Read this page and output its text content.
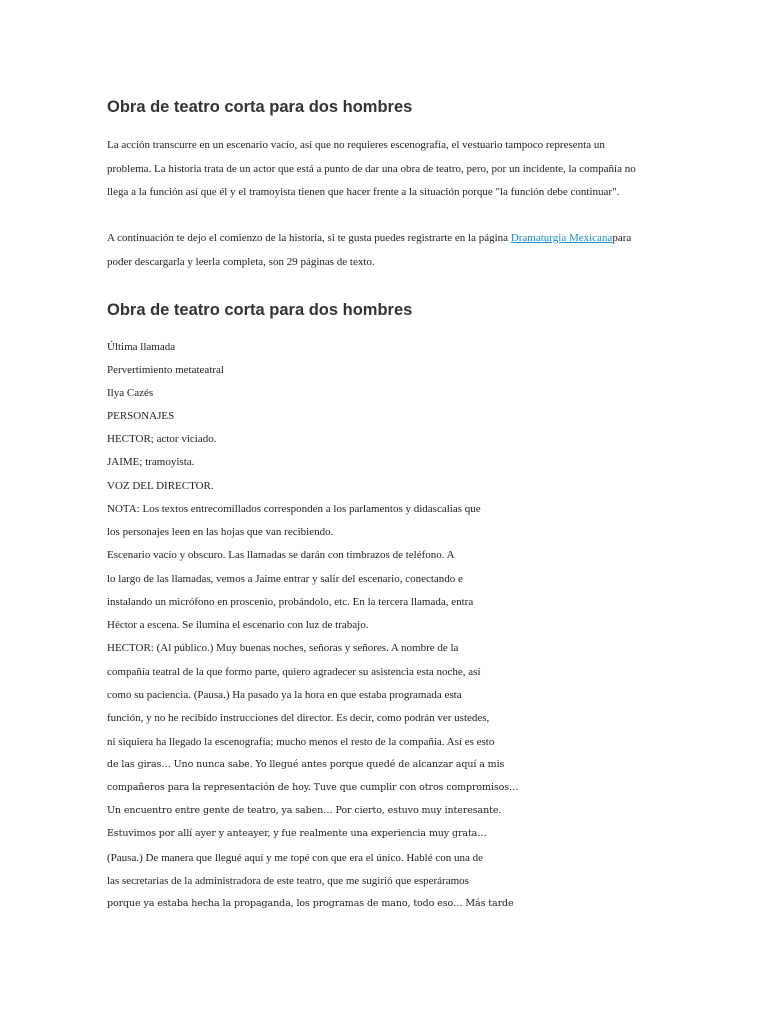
Obra de teatro corta para dos hombres

La acción transcurre en un escenario vacío, así que no requieres escenografía, el vestuario tampoco representa un

problema. La historia trata de un actor que está a punto de dar una obra de teatro, pero, por un incidente, la compañía no

llega a la función así que él y el tramoyista tienen que hacer frente a la situación porque "la función debe continuar".

A continuación te dejo el comienzo de la historia, si te gusta puedes registrarte en la página Dramaturgia Mexicanapara

poder descargarla y leerla completa, son 29 páginas de texto.

Obra de teatro corta para dos hombres

Última llamada

Pervertimiento metateatral

Ilya Cazés

PERSONAJES

HECTOR; actor viciado.

JAIME; tramoyista.

VOZ DEL DIRECTOR.

NOTA: Los textos entrecomillados corresponden a los parlamentos y didascalias que

los personajes leen en las hojas que van recibiendo.

Escenario vacío y obscuro. Las llamadas se darán con timbrazos de teléfono. A

lo largo de las llamadas, vemos a Jaime entrar y salir del escenario, conectando e

instalando un micrófono en proscenio, probándolo, etc. En la tercera llamada, entra

Héctor a escena. Se ilumina el escenario con luz de trabajo.

HECTOR: (Al público.) Muy buenas noches, señoras y señores. A nombre de la

compañía teatral de la que formo parte, quiero agradecer su asistencia esta noche, así

como su paciencia. (Pausa.) Ha pasado ya la hora en que estaba programada esta

función, y no he recibido instrucciones del director. Es decir, como podrán ver ustedes,

ni siquiera ha llegado la escenografía; mucho menos el resto de la compañía. Así es esto

de las giras… Uno nunca sabe. Yo llegué antes porque quedé de alcanzar aquí a mis

compañeros para la representación de hoy. Tuve que cumplir con otros compromisos…

Un encuentro entre gente de teatro, ya saben… Por cierto, estuvo muy interesante.

Estuvimos por allí ayer y anteayer, y fue realmente una experiencia muy grata…

(Pausa.) De manera que llegué aquí y me topé con que era el único. Hablé con una de

las secretarias de la administradora de este teatro, que me sugirió que esperáramos

porque ya estaba hecha la propaganda, los programas de mano, todo eso… Más tarde
